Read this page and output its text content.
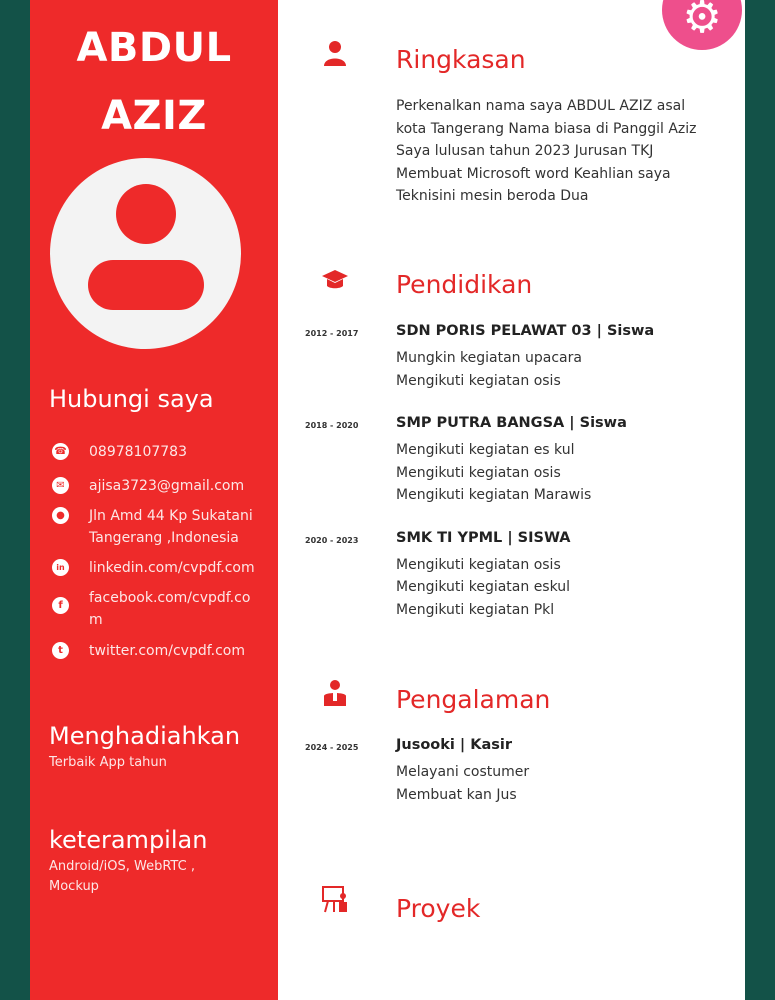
ABDUL
AZIZ
Hubungi saya
☎ 08978107783
✉	ajisa3723@gmail.com
● Jln Amd 44 Kp Sukatani Tangerang ,Indonesia
in	linkedin.com/cvpdf.com
f	facebook.com/cvpdf.com
t	twitter.com/cvpdf.com
Menghadiahkan
Terbaik App tahun
keterampilan
Android/iOS, WebRTC , Mockup
⚙
Ringkasan
Perkenalkan nama saya ABDUL AZIZ asal kota Tangerang Nama biasa di Panggil Aziz Saya lulusan tahun 2023 Jurusan TKJ Membuat Microsoft word Keahlian saya Teknisini mesin beroda Dua
Pendidikan
2012 - 2017	SDN PORIS PELAWAT 03 | Siswa
Mungkin kegiatan upacara
Mengikuti kegiatan osis
2018 - 2020	SMP PUTRA BANGSA | Siswa
Mengikuti kegiatan es kul
Mengikuti kegiatan osis
Mengikuti kegiatan Marawis
2020 - 2023	SMK TI YPML | SISWA
Mengikuti kegiatan osis
Mengikuti kegiatan eskul
Mengikuti kegiatan Pkl
Pengalaman
2024 - 2025	Jusooki | Kasir
Melayani costumer
Membuat kan Jus
Proyek
